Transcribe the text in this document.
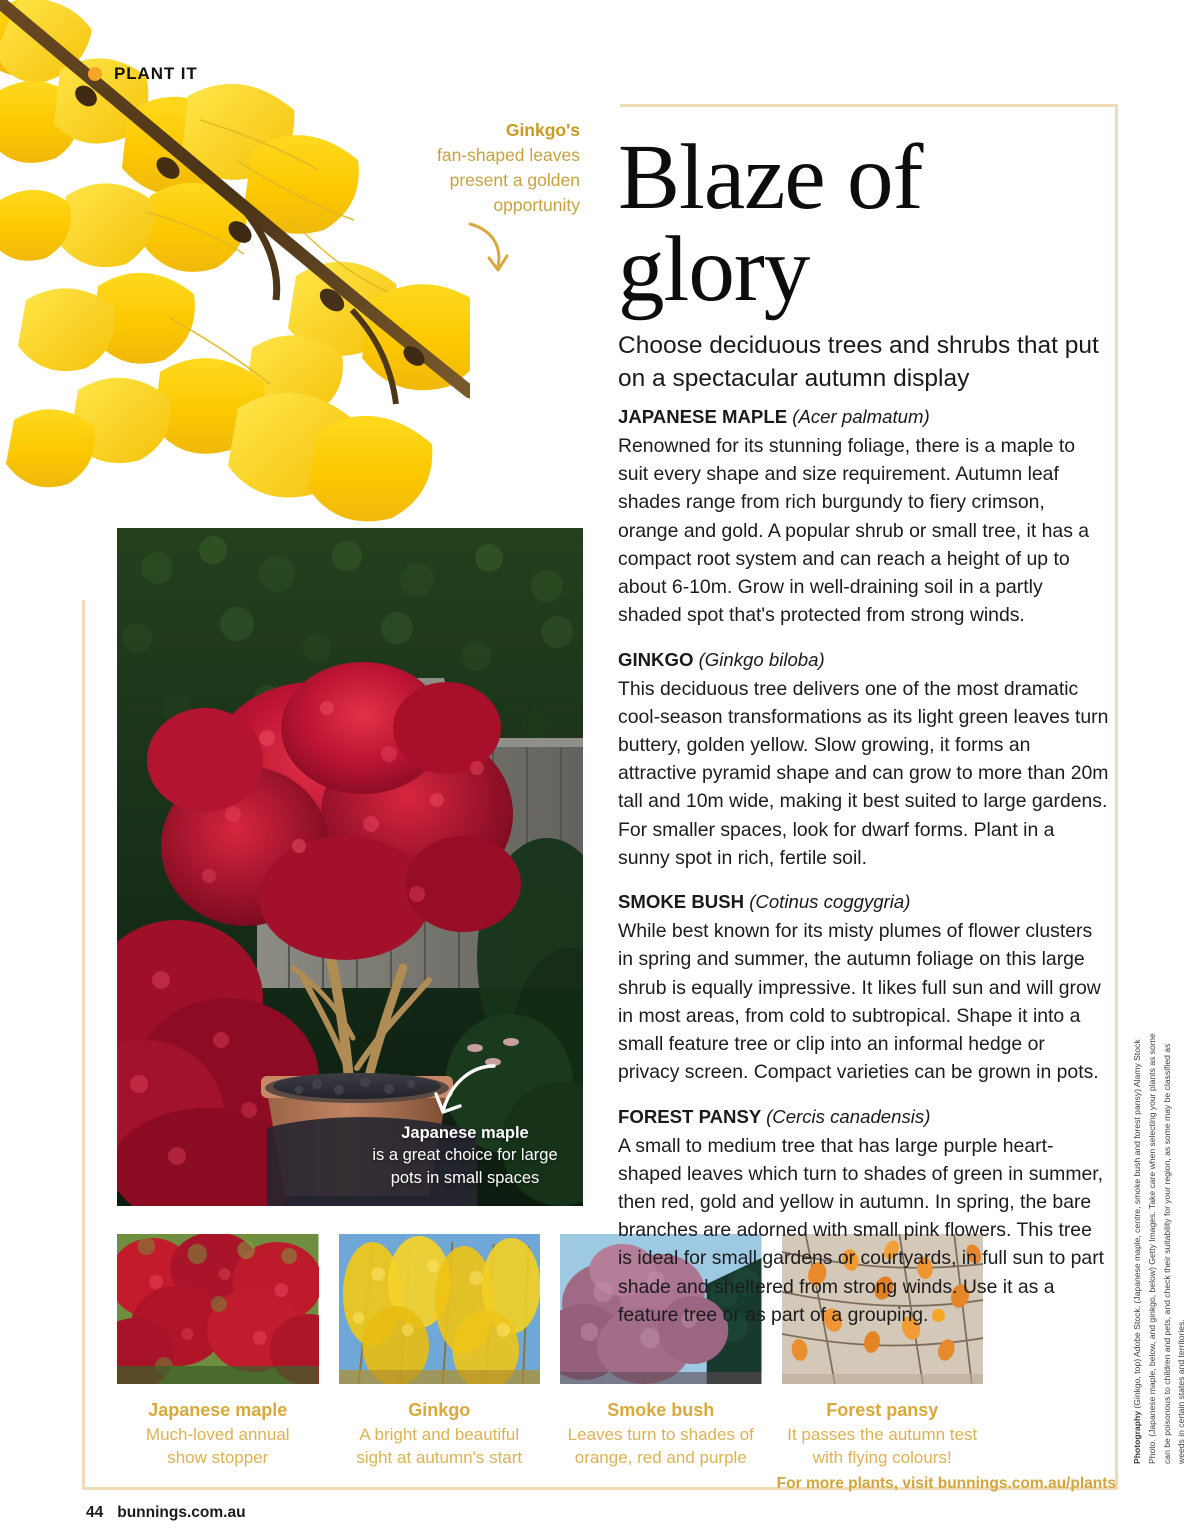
PLANT IT
Ginkgo's
fan-shaped leaves present a golden opportunity Blaze of
glory
Choose deciduous trees and shrubs that put on a spectacular autumn display
JAPANESE MAPLE (Acer palmatum)

Renowned for its stunning foliage, there is a maple to suit every shape and size requirement. Autumn leaf shades range from rich burgundy to fiery crimson, orange and gold. A popular shrub or small tree, it has a compact root system and can reach a height of up to about 6-10m. Grow in well-draining soil in a partly shaded spot that's protected from strong winds.

GINKGO (Ginkgo biloba)

This deciduous tree delivers one of the most dramatic cool-season transformations as its light green leaves turn buttery, golden yellow. Slow growing, it forms an attractive pyramid shape and can grow to more than 20m tall and 10m wide, making it best suited to large gardens. For smaller spaces, look for dwarf forms. Plant in a sunny spot in rich, fertile soil.

SMOKE BUSH (Cotinus coggygria)

While best known for its misty plumes of flower clusters in spring and summer, the autumn foliage on this large shrub is equally impressive. It likes full sun and will grow in most areas, from cold to subtropical. Shape it into a small feature tree or clip into an informal hedge or privacy screen. Compact varieties can be grown in pots.

FOREST PANSY (Cercis canadensis)

A small to medium tree that has large purple heart-shaped leaves which turn to shades of green in summer, then red, gold and yellow in autumn. In spring, the bare branches are adorned with small pink flowers. This tree is ideal for small gardens or courtyards, in full sun to part shade and sheltered from strong winds. Use it as a feature tree or as part of a grouping.

Japanese maple
is a great choice for large
pots in small spaces
Japanese maple
Much-loved annual
show stopper
Ginkgo
A bright and beautiful
sight at autumn's start
Smoke bush
Leaves turn to shades of
orange, red and purple
Forest pansy
It passes the autumn test
with flying colours!	Photography (Ginkgo, top) Adobe Stock. (Japanese maple, centre, smoke bush and forest pansy) Alamy Stock Photo. (Japanese maple, below, and ginkgo, below) Getty Images. Take care when selecting your plants as some can be poisonous to children and pets, and check their suitability for your region, as some may be classified as weeds in certain states and territories.
44 bunnings.com.au
For more plants, visit bunnings.com.au/plants
